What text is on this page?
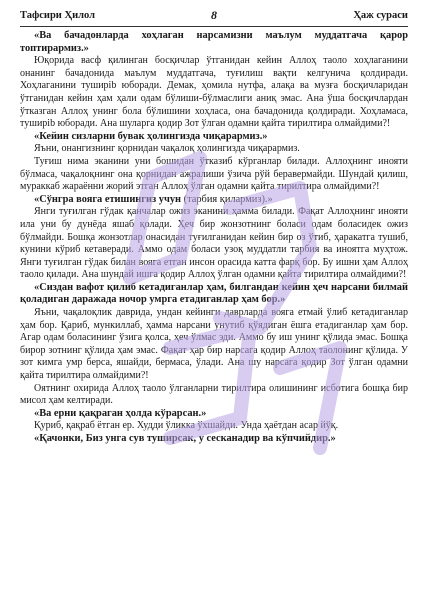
Тафсири Ҳилол	8	Ҳаж сураси

«Ва бачадонларда хоҳлаган нарсамизни маълум муддатгача қарор топтирармиз.»

Юқорида васф қилинган босқичлар ўтганидан кейин Аллоҳ таоло хоҳлаганини онанинг бачадонида маълум муддатгача, туғилиш вақти келгунича қолдиради. Хоҳлаганини туширib юборади. Демак, ҳомила нутфа, алақа ва музға босқичларидан ўтганидан кейин ҳам ҳали одам бўлиши-бўлмаслиги аниқ эмас. Ана ўша босқичлардан ўтказган Аллоҳ унинг бола бўлишини хоҳласа, она бачадонида қолдиради. Хоҳламаса, туширib юборади. Ана шуларга қодир Зот ўлган одамни қайта тирилтира олмайдими?!

«Кейин сизларни бувак ҳолингизда чиқарармиз.»

Яъни, онангизнинг қорнидан чақалоқ ҳолингизда чиқарармиз.

Туғиш нима эканини уни бошидан ўтказиб кўрганлар билади. Аллоҳнинг инояти бўлмаса, чақалоқнинг она қорнидан ажралиши ўзича рўй беравермайди. Шундай қилиш, мураккаб жараённи жорий этган Аллоҳ ўлган одамни қайта тирилтира олмайдими?!

«Сўнгра вояга етишингиз учун (тарбия қилармиз).»

Янги туғилган гўдак қанчалар ожиз эканини ҳамма билади. Фақат Аллоҳнинг инояти ила уни бу дунёда яшаб қолади. Ҳеч бир жонзотнинг боласи одам боласидек ожиз бўлмайди. Бошқа жонзотлар онасидан туғилганидан кейин бир оз ўтиб, ҳаракатга тушиб, кунини кўриб кетаверади. Аммо одам боласи узоқ муддатли тарбия ва иноятга муҳтож. Янги туғилган гўдак билан вояга етган инсон орасида катта фарқ бор. Бу ишни ҳам Аллоҳ таоло қилади. Ана шундай ишга қодир Аллоҳ ўлган одамни қайта тирилтира олмайдими?!

«Сиздан вафот қилиб кетадиганлар ҳам, билгандан кейин ҳеч нарсани билмай қоладиган даражада ночор умрга етадиганлар ҳам бор.»

Яъни, чақалоқлик даврида, ундан кейинги даврларда вояга етмай ўлиб кетадиганлар ҳам бор. Қариб, мункиллаб, ҳамма нарсани унутиб қўядиган ёшга етадиганлар ҳам бор. Агар одам боласининг ўзига қолса, ҳеч ўлмас эди. Аммо бу иш унинг қўлида эмас. Бошқа бирор зотнинг қўлида ҳам эмас. Фақат ҳар бир нарсага қодир Аллоҳ таолонинг қўлида. У зот кимга умр берса, яшайди, бермаса, ўлади. Ана шу нарсага қодир Зот ўлган одамни қайта тирилтира олмайдими?!

Оятнинг охирида Аллоҳ таоло ўлганларни тирилтира олишининг исботига бошқа бир мисол ҳам келтиради.

«Ва ерни қақраган ҳолда кўрарсан.»

Қуриб, қақраб ётган ер. Худди ўликка ўхшайди. Унда ҳаётдан асар йўқ.

«Қачонки, Биз унга сув туширсак, у сесканадир ва кўпчийдир.»
